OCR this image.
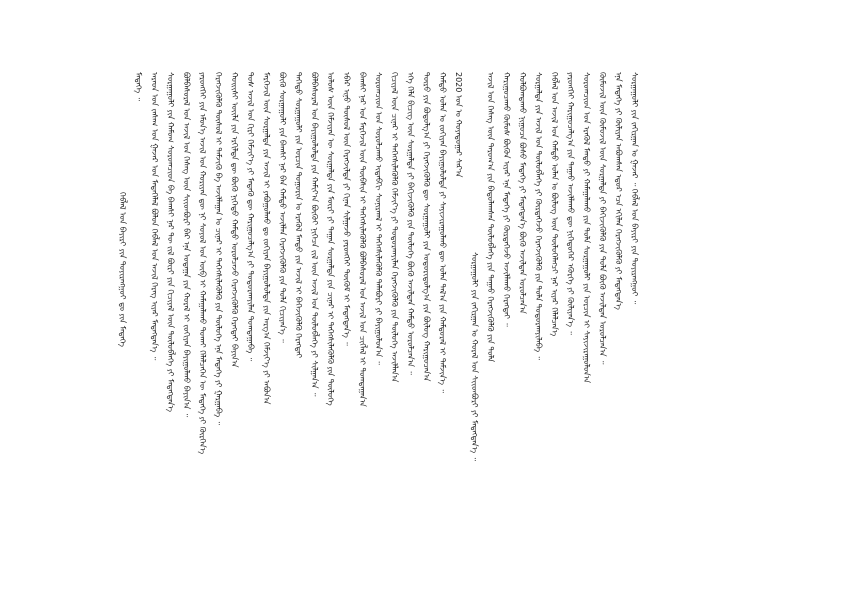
ᠬᠡᠪᠯᠡᠯ ᠤᠨ ᠪᠠᠶᠢᠷᠢ ᠶᠢᠨ ᠲᠤᠶᠢᠷᠠᠩᠭ᠋ᠤᠢ ᠳᠤ ᠶᠢᠨ ᠮᠡᠳᠡᠭᠡ
ᠮᠡᠳᠡᠭᠡ ᠃ ᠠᠷᠠᠳ ᠤᠨ ᠵᠠᠰᠠᠭ ᠤᠨ ᠭᠠᠵᠠᠷ ᠤᠨ ᠮᠡᠳᠡᠭᠡᠯᠡᠯ ᠪᠣᠯᠤᠨ ᠬᠡᠪᠯᠡᠯ ᠤᠨ ᠠᠵᠢᠯ ᠬᠡᠷᠡᠭ ᠢᠶᠡᠷ ᠮᠡᠳᠡᠭᠳᠡᠨ᠎ᠡ ᠃ ᠰᠤᠷᠭᠠᠭᠤᠯᠢ ᠶᠢᠨ ᠬᠠᠮᠤᠭ ᠰᠤᠷᠤᠭᠴᠢᠳ ᠪᠠ ᠪᠠᠭᠰᠢ ᠨᠠᠷ ᠲᠦ ᠵᠢᠯ ᠪᠦᠷᠢ ᠶᠢᠨ ᠬᠢᠴᠢᠶᠡᠯ ᠦᠨ ᠲᠥᠯᠥᠪᠯᠡᠭᠡ ᠶᠢ ᠮᠡᠳᠡᠭᠳᠡᠨ᠎ᠡ ᠪᠣᠯᠪᠠᠰᠤᠷᠠᠯ ᠤᠨ ᠠᠵᠢᠯ ᠤᠨ ᠬᠡᠰᠡᠭ ᠦᠨ ᠰᠢᠢᠳᠪᠦᠷᠢ ᠪᠡᠷ ᠡᠨᠡ ᠤᠳᠠᠭᠠ ᠶᠢᠨ ᠬᠤᠷᠠᠯ ᠢ ᠵᠣᠬᠢᠶᠠᠨ ᠪᠠᠶᠢᠭᠤᠯᠬᠤ ᠪᠠᠶᠢᠨ᠎ᠠ ᠃ ᠶᠡᠷᠦᠩᠬᠡᠢ ᠶᠢᠨ ᠡᠮᠦᠨ᠎ᠡ ᠠᠵᠢᠯ ᠤᠨ ᠬᠣᠷᠢᠶᠠᠨ ᠳᠦ ᠨᠢ ᠰᠣᠶᠣᠯ ᠤᠨ ᠥᠪ ᠢ ᠬᠠᠮᠠᠭᠠᠯᠠᠬᠤ ᠲᠤᠬᠠᠢ ᠬᠡᠯᠡᠯᠴᠡᠭᠡᠨ ᠦ ᠮᠡᠳᠡᠭᠡ ᠶᠢ ᠬᠦᠷᠭᠡᠨ᠎ᠡ ᠬᠡᠷᠡᠭᠵᠢᠭᠦᠯᠬᠦ ᠲᠥᠰᠥᠯ ᠢ ᠳᠡᠮᠵᠢᠬᠦ ᠪᠠ ᠠᠵᠢᠯᠯᠠᠭᠠᠨ ᠤ ᠴᠢᠨᠠᠷ ᠢ ᠳᠡᠭᠡᠭᠰᠢᠯᠡᠭᠦᠯᠬᠦ ᠶᠢᠨ ᠲᠥᠯᠥᠭᠡ ᠡᠨᠡ ᠮᠡᠳᠡᠭᠡ ᠶᠢ ᠭᠠᠷᠭᠠᠪᠠ ᠃ ᠬᠣᠢᠢᠰᠢ ᠦᠢᠯᠡ ᠶᠢᠨ ᠡᠷᠭᠢᠯᠲᠡ ᠳᠦ ᠪᠦᠬᠦ ᠨᠢᠭᠡᠲᠦ ᠬᠠᠮᠲᠤ ᠣᠷᠣᠯᠴᠠᠵᠤ ᠬᠡᠷᠡᠭᠵᠢᠭᠦᠯᠬᠦ ᠬᠡᠷᠡᠭᠲᠡᠢ ᠪᠠᠶᠢᠨ᠎ᠠ ᠲᠤᠰ ᠠᠵᠢᠯ ᠤᠨ ᠬᠢᠷᠢ ᠬᠡᠮᠵᠢᠶ᠎ᠡ ᠶᠢ ᠮᠡᠳᠡᠬᠦ ᠳᠦ ᠬᠠᠷᠢᠭᠤᠴᠠᠯᠭ᠎ᠠ ᠶᠢ ᠲᠣᠳᠤᠷᠬᠠᠶᠢᠯᠠᠨ ᠲᠣᠭᠲᠠᠭᠠᠪᠠ ᠃ ᠮᠡᠷᠭᠡᠵᠢᠯ ᠦᠨ ᠰᠤᠷᠭᠠᠯᠲᠠ ᠶᠢᠨ ᠠᠵᠢᠯ ᠢ ᠶᠠᠪᠤᠭᠤᠯᠬᠤ ᠳᠤ ᠵᠣᠬᠢᠶᠠᠨ ᠪᠠᠶᠢᠭᠤᠯᠤᠯᠲᠠ ᠶᠢᠨ ᠠᠷᠭ᠎ᠠ ᠬᠡᠮᠵᠢᠶ᠎ᠡ ᠶᠢ ᠠᠪᠤᠨ᠎ᠠ ᠪᠦᠬᠦ ᠰᠤᠷᠭᠠᠭᠤᠯᠢ ᠶᠢᠨ ᠪᠠᠭᠰᠢ ᠨᠠᠷ ᠪᠠᠨ ᠬᠠᠮᠲᠤ ᠠᠵᠢᠯᠯᠠᠨ ᠬᠡᠷᠡᠭᠵᠢᠭᠦᠯᠬᠦ ᠶᠢᠨ ᠲᠤᠯᠠ ᠬᠢᠴᠢᠶᠡᠨ᠎ᠡ ᠃ ᠳᠡᠭᠡᠳᠦ ᠰᠤᠷᠭᠠᠭᠤᠯᠢ ᠶᠢᠨ ᠣᠷᠴᠢᠨ ᠲᠣᠭᠣᠷᠢᠨ ᠤ ᠡᠷᠡᠬᠦᠯ ᠮᠡᠨᠳᠦ ᠶᠢᠨ ᠠᠵᠢᠯ ᠢ ᠪᠡᠭᠡᠵᠢᠬᠦᠯᠬᠦ ᠬᠡᠷᠡᠭᠲᠡᠢ ᠪᠣᠯᠪᠠᠰᠤᠷᠠᠯ ᠤᠨ ᠪᠠᠶᠢᠭᠤᠯᠤᠯᠲᠠ ᠶᠢᠨ ᠬᠠᠮᠢᠶ᠎ᠠ ᠪᠦᠬᠦᠢ ᠨᠢᠭᠡᠴᠡ ᠵᠢᠯ ᠦᠨ ᠠᠵᠢᠯ ᠤᠨ ᠲᠥᠯᠥᠪᠯᠡᠭᠡ ᠶᠢ ᠰᠢᠯᠭᠠᠨ᠎ᠠ ᠃ ᠤᠯᠤᠰ ᠦᠨ ᠬᠡᠮᠵᠢᠶᠡᠨ ᠦ ᠰᠤᠷᠭᠠᠯᠲᠠ ᠶᠢᠨ ᠮᠥᠷᠢ ᠶᠢ ᠳᠠᠭᠠᠨ ᠰᠤᠷᠭᠠᠯᠲᠠ ᠶᠢᠨ ᠴᠢᠨᠠᠷ ᠢ ᠳᠡᠭᠡᠭᠰᠢᠯᠡᠭᠦᠯᠬᠦ ᠶᠢᠨ ᠲᠥᠯᠥᠭᠡ ᠡᠪᠡᠷ ᠢᠨᠦ ᠲᠥᠰᠥᠯ ᠦᠨ ᠬᠡᠷᠡᠭᠵᠢᠯᠲᠡ ᠶᠢ ᠬᠢᠨᠠᠨ ᠰᠢᠯᠭᠠᠵᠤ ᠶᠡᠷᠦᠩᠬᠡᠢ ᠳᠦᠭᠦᠮ ᠢ ᠮᠡᠳᠡᠭᠳᠡᠨ᠎ᠡ ᠃ ᠪᠠᠭᠰᠢ ᠨᠠᠷ ᠤᠨ ᠮᠡᠷᠭᠡᠵᠢᠯ ᠦᠨ ᠲᠦᠪᠰᠢᠨ ᠢ ᠳᠡᠭᠡᠭᠰᠢᠯᠡᠭᠦᠯᠬᠦ ᠪᠣᠯᠪᠠᠰᠤᠷᠠᠯ ᠤᠨ ᠠᠵᠢᠯ ᠤᠨ ᠴᠢᠭᠯᠡᠯ ᠢ ᠲᠣᠭᠲᠠᠭᠠᠨ᠎ᠠ ᠰᠤᠷᠤᠭᠴᠢᠳ ᠤᠨ ᠰᠤᠷᠤᠯᠴᠠᠬᠤ ᠢᠳᠡᠪᠬᠢ ᠰᠣᠨᠢᠷᠬᠠᠯ ᠢ ᠳᠡᠭᠡᠭᠰᠢᠯᠡᠭᠦᠯᠬᠦ ᠲᠡᠯᠡᠪᠦᠷᠢ ᠶᠢ ᠪᠠᠶᠢᠭᠤᠯᠤᠨ᠎ᠠ ᠃ ᠬᠢᠴᠢᠶᠡᠯ ᠦᠨ ᠴᠢᠨᠠᠷ ᠢ ᠳᠡᠭᠡᠭᠰᠢᠯᠡᠭᠦᠯᠬᠦ ᠬᠡᠮᠵᠢᠶ᠎ᠡ ᠶᠢ ᠲᠣᠳᠤᠷᠬᠠᠶᠢᠯᠠᠨ ᠬᠡᠷᠡᠭᠵᠢᠭᠦᠯᠬᠦ ᠶᠢᠨ ᠲᠥᠯᠥᠭᠡ ᠠᠵᠢᠯᠯᠠᠨ᠎ᠠ ᠡᠬᠡ ᠬᠡᠯᠡ ᠪᠢᠴᠢᠭ ᠦᠨ ᠰᠤᠷᠭᠠᠯᠲᠠ ᠶᠢ ᠪᠡᠬᠢᠵᠢᠭᠦᠯᠬᠦ ᠶᠢᠨ ᠲᠥᠯᠥᠭᠡ ᠪᠦᠬᠦ ᠠᠵᠢᠯᠲᠠᠨ ᠬᠠᠮᠲᠤ ᠣᠷᠣᠯᠴᠠᠨ᠎ᠠ ᠃ ᠲᠥᠷᠦ ᠶᠢᠨ ᠪᠣᠳᠣᠯᠭ᠎ᠠ ᠶᠢ ᠬᠡᠷᠡᠭᠵᠢᠭᠦᠯᠬᠦ ᠳᠦ ᠰᠤᠷᠭᠠᠭᠤᠯᠢ ᠶᠢᠨ ᠤᠳᠤᠷᠢᠳᠤᠯᠭ᠎ᠠ ᠶᠢᠨ ᠪᠦᠯᠦᠭ ᠬᠠᠷᠢᠭᠤᠴᠠᠨ᠎ᠠ ᠬᠠᠮᠲᠤ ᠣᠯᠠᠨ ᠤ ᠵᠣᠬᠢᠶᠠᠨ ᠪᠠᠶᠢᠭᠤᠯᠤᠯᠲᠠ ᠶᠢ ᠰᠠᠶᠢᠵᠢᠷᠠᠭᠤᠯᠬᠤ ᠳᠦ ᠣᠯᠠᠨ ᠲᠠᠯ᠎ᠠ ᠶᠢᠨ ᠬᠠᠮᠲᠤᠷᠠᠯ ᠢ ᠳᠡᠮᠵᠢᠨ᠎ᠡ ᠃ 2020 ᠣᠨ ᠤ ᠬᠣᠶᠠᠳᠤᠭᠠᠷ ᠰᠠᠷ᠎ᠠ
ᠰᠤᠷᠭᠠᠭᠤᠯᠢ ᠶᠢᠨ ᠵᠠᠬᠢᠷᠭᠠᠨ ᠤ ᠬᠤᠷᠠᠯ ᠤᠨ ᠰᠢᠢᠳᠪᠦᠷᠢ ᠶᠢ ᠮᠡᠳᠡᠭᠳᠡᠨ᠎ᠡ ᠃ ᠠᠵᠢᠯ ᠤᠨ ᠬᠡᠰᠡᠭ ᠦᠨ ᠳᠠᠷᠤᠭ᠎ᠠ ᠶᠢᠨ ᠪᠠᠲᠤᠯᠠᠭᠰᠠᠨ ᠲᠥᠯᠥᠪᠯᠡᠭᠡ ᠶᠢᠨ ᠳᠠᠭᠠᠤ ᠬᠡᠷᠡᠭᠵᠢᠭᠦᠯᠬᠦ ᠶᠢᠨ ᠲᠤᠯᠠ ᠬᠠᠷᠢᠭᠤᠴᠠᠬᠤ ᠬᠦᠮᠦᠰ ᠪᠦᠬᠦᠨ ᠢᠶᠡᠷ ᠡᠨᠡ ᠮᠡᠳᠡᠭᠡ ᠶᠢ ᠬᠦᠷᠲᠡᠭᠡᠵᠦ ᠠᠵᠢᠯᠯᠠᠬᠤ ᠬᠡᠷᠡᠭᠲᠡᠢ ᠃ ᠬᠣᠯᠪᠣᠭᠳᠠᠬᠤ ᠨᠢᠭᠤᠴᠠ ᠪᠣᠰᠤ ᠮᠡᠳᠡᠭᠡ ᠶᠢ ᠮᠡᠳᠡᠭᠳᠡᠨ᠎ᠡ ᠪᠦᠬᠦ ᠠᠵᠢᠯᠲᠠᠨ ᠣᠷᠣᠯᠴᠠᠨ᠎ᠠ ᠰᠤᠷᠭᠠᠯᠲᠠ ᠶᠢᠨ ᠠᠵᠢᠯ ᠤᠨ ᠲᠥᠯᠥᠪᠯᠡᠭᠡ ᠶᠢ ᠬᠦᠷᠲᠡᠭᠡᠵᠦ ᠬᠡᠷᠡᠭᠵᠢᠭᠦᠯᠬᠦ ᠶᠢᠨ ᠲᠤᠯᠠ ᠲᠣᠳᠤᠷᠬᠠᠶᠢᠯᠠᠪᠠ ᠃ ᠬᠡᠪᠯᠡᠯ ᠤᠨ ᠠᠵᠢᠯ ᠤᠨ ᠬᠠᠮᠲᠤ ᠣᠯᠠᠨ ᠤ ᠪᠦᠯᠦᠭ ᠦᠨ ᠲᠥᠯᠥᠭᠡᠯᠡᠭᠴᠢ ᠨᠠᠷ ᠢᠶᠠᠷ ᠬᠡᠯᠡᠯᠴᠡᠨ᠎ᠡ ᠶᠡᠷᠦᠩᠬᠡᠢ ᠬᠠᠷᠢᠭᠤᠴᠠᠯᠭ᠎ᠠ ᠶᠢᠨ ᠳᠠᠭᠠᠤ ᠠᠵᠢᠯᠯᠠᠬᠤ ᠳᠦ ᠨᠢᠭᠡᠳᠦᠭᠡᠷ ᠡᠭᠦᠷᠭᠡ ᠶᠢ ᠬᠦᠯᠢᠶᠡᠨ᠎ᠡ ᠃ ᠰᠤᠷᠤᠭᠴᠢᠳ ᠤᠨ ᠡᠷᠡᠬᠦᠯ ᠮᠡᠨᠳᠦ ᠶᠢ ᠬᠠᠮᠠᠭᠠᠯᠠᠬᠤ ᠶᠢᠨ ᠲᠤᠯᠠ ᠰᠤᠷᠭᠠᠭᠤᠯᠢ ᠶᠢᠨ ᠣᠷᠴᠢᠨ ᠢ ᠰᠠᠶᠢᠵᠢᠷᠠᠭᠤᠯᠤᠨ᠎ᠠ ᠬᠦᠮᠦᠵᠢᠯ ᠦᠨ ᠬᠦᠮᠦᠵᠢᠯ ᠦᠨ ᠰᠤᠷᠭᠠᠯᠲᠠ ᠶᠢ ᠪᠡᠬᠢᠵᠢᠭᠦᠯᠬᠦ ᠶᠢᠨ ᠲᠤᠯᠠ ᠪᠦᠬᠦ ᠠᠵᠢᠯᠲᠠᠨ ᠣᠷᠣᠯᠴᠠᠨ᠎ᠠ ᠃ ᠡᠨᠡ ᠮᠡᠳᠡᠭᠡ ᠶᠢ ᠬᠦᠯᠢᠶᠡᠨ ᠠᠪᠤᠭᠰᠠᠨ ᠡᠳᠦᠷ ᠡᠴᠡ ᠡᠬᠢᠯᠡᠨ ᠬᠡᠷᠡᠭᠵᠢᠭᠦᠯᠬᠦ ᠶᠢ ᠮᠡᠳᠡᠭᠳᠡᠨ᠎ᠡ ᠰᠤᠷᠭᠠᠭᠤᠯᠢ ᠶᠢᠨ ᠵᠠᠬᠢᠷᠭᠠᠨ ᠤ ᠭᠠᠵᠠᠷ ᠃ ᠬᠡᠪᠯᠡᠯ ᠤᠨ ᠪᠠᠶᠢᠷᠢ ᠶᠢᠨ ᠲᠤᠶᠢᠷᠠᠩᠭ᠋ᠤᠢ ᠃
